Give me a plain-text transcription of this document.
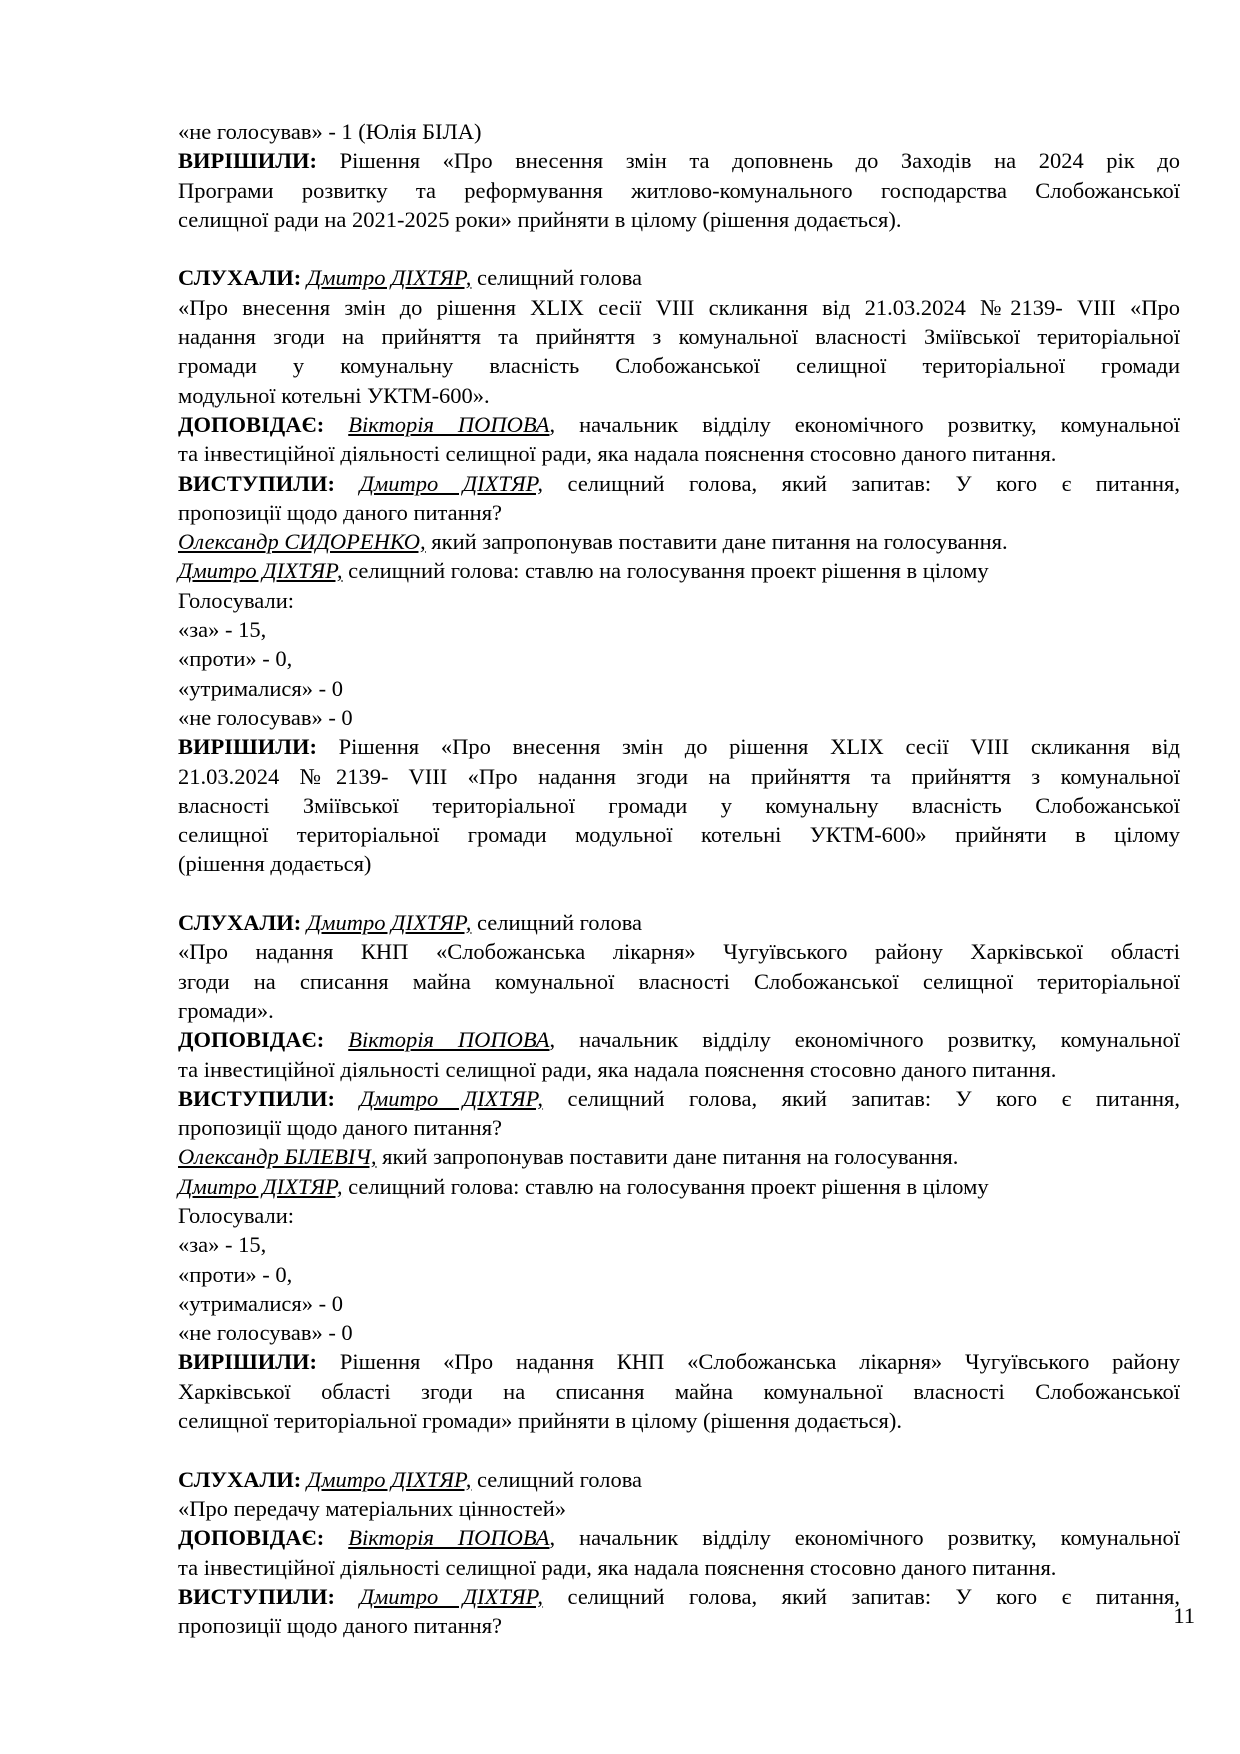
«не голосував» - 1 (Юлія БІЛА)
ВИРІШИЛИ: Рішення «Про внесення змін та доповнень до Заходів на 2024 рік до
Програми розвитку та реформування житлово-комунального господарства Слобожанської
селищної ради на 2021-2025 роки» прийняти в цілому (рішення додається).
СЛУХАЛИ: Дмитро ДІХТЯР, селищний голова
«Про внесення змін до рішення XLIX сесії VIII скликання від 21.03.2024 №2139- VIII «Про
надання згоди на прийняття та прийняття з комунальної власності Зміївської територіальної
громади у комунальну власність Слобожанської селищної територіальної громади
модульної котельні УКТМ-600».
ДОПОВІДАЄ: Вікторія ПОПОВА, начальник відділу економічного розвитку, комунальної
та інвестиційної діяльності селищної ради, яка надала пояснення стосовно даного питання.
ВИСТУПИЛИ: Дмитро ДІХТЯР, селищний голова, який запитав: У кого є питання,
пропозиції щодо даного питання?
Олександр СИДОРЕНКО, який запропонував поставити дане питання на голосування.
Дмитро ДІХТЯР, селищний голова: ставлю на голосування проект рішення в цілому
Голосували:
«за» - 15,
«проти» - 0,
«утрималися» - 0
«не голосував» - 0
ВИРІШИЛИ: Рішення «Про внесення змін до рішення XLIX сесії VIII скликання від
21.03.2024 №2139- VIII «Про надання згоди на прийняття та прийняття з комунальної
власності Зміївської територіальної громади у комунальну власність Слобожанської
селищної територіальної громади модульної котельні УКТМ-600» прийняти в цілому
(рішення додається)
СЛУХАЛИ: Дмитро ДІХТЯР, селищний голова
«Про надання КНП «Слобожанська лікарня» Чугуївського району Харківської області
згоди на списання майна комунальної власності Слобожанської селищної територіальної
громади».
ДОПОВІДАЄ: Вікторія ПОПОВА, начальник відділу економічного розвитку, комунальної
та інвестиційної діяльності селищної ради, яка надала пояснення стосовно даного питання.
ВИСТУПИЛИ: Дмитро ДІХТЯР, селищний голова, який запитав: У кого є питання,
пропозиції щодо даного питання?
Олександр БІЛЕВІЧ, який запропонував поставити дане питання на голосування.
Дмитро ДІХТЯР, селищний голова: ставлю на голосування проект рішення в цілому
Голосували:
«за» - 15,
«проти» - 0,
«утрималися» - 0
«не голосував» - 0
ВИРІШИЛИ: Рішення «Про надання КНП «Слобожанська лікарня» Чугуївського району
Харківської області згоди на списання майна комунальної власності Слобожанської
селищної територіальної громади» прийняти в цілому (рішення додається).
СЛУХАЛИ: Дмитро ДІХТЯР, селищний голова
«Про передачу матеріальних цінностей»
ДОПОВІДАЄ: Вікторія ПОПОВА, начальник відділу економічного розвитку, комунальної
та інвестиційної діяльності селищної ради, яка надала пояснення стосовно даного питання.
ВИСТУПИЛИ: Дмитро ДІХТЯР, селищний голова, який запитав: У кого є питання,
пропозиції щодо даного питання?	11
